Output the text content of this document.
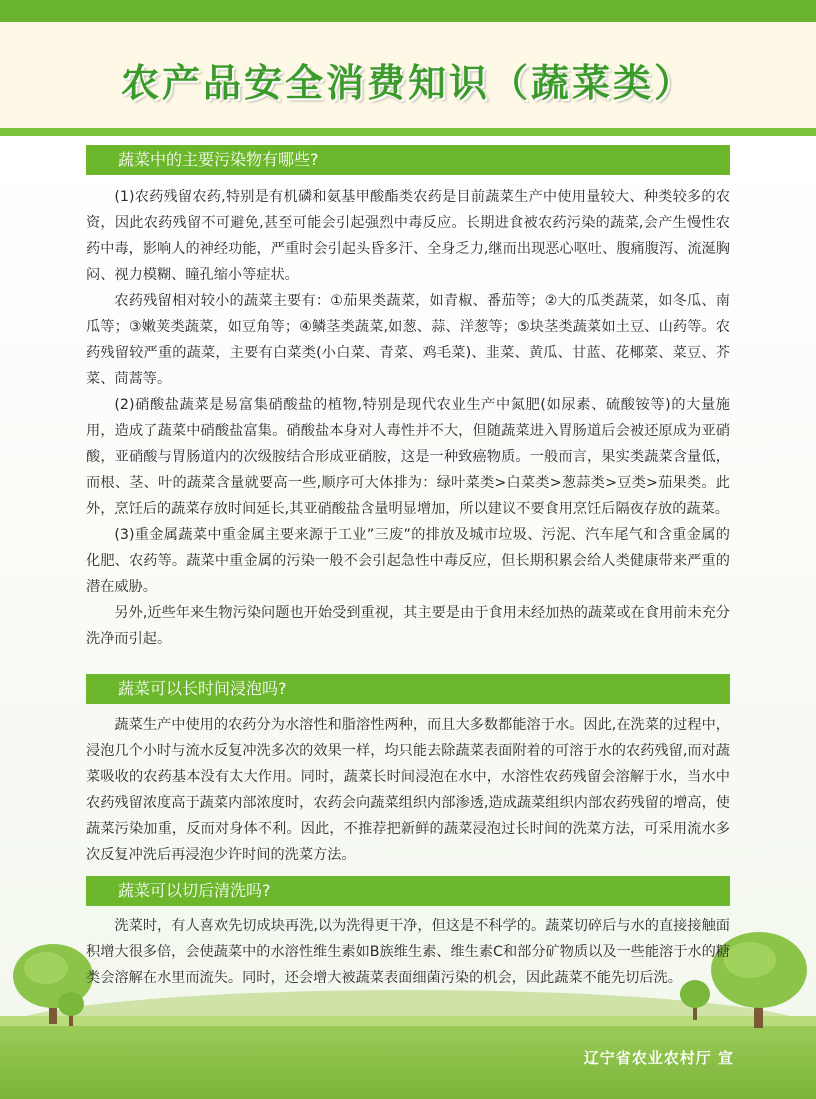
农产品安全消费知识（蔬菜类）
蔬菜中的主要污染物有哪些?

(1)农药残留农药,特别是有机磷和氨基甲酸酯类农药是目前蔬菜生产中使用量较大、种类较多的农资，因此农药残留不可避免,甚至可能会引起强烈中毒反应。长期进食被农药污染的蔬菜,会产生慢性农药中毒，影响人的神经功能，严重时会引起头昏多汗、全身乏力,继而出现恶心呕吐、腹痛腹泻、流涎胸闷、视力模糊、瞳孔缩小等症状。

农药残留相对较小的蔬菜主要有：①茄果类蔬菜，如青椒、番茄等；②大的瓜类蔬菜，如冬瓜、南瓜等；③嫩荚类蔬菜，如豆角等；④鳞茎类蔬菜,如葱、蒜、洋葱等；⑤块茎类蔬菜如土豆、山药等。农药残留较严重的蔬菜，主要有白菜类(小白菜、青菜、鸡毛菜)、韭菜、黄瓜、甘蓝、花椰菜、菜豆、芥菜、茼蒿等。

(2)硝酸盐蔬菜是易富集硝酸盐的植物,特别是现代农业生产中氮肥(如尿素、硫酸铵等)的大量施用，造成了蔬菜中硝酸盐富集。硝酸盐本身对人毒性并不大，但随蔬菜进入胃肠道后会被还原成为亚硝酸，亚硝酸与胃肠道内的次级胺结合形成亚硝胺，这是一种致癌物质。一般而言，果实类蔬菜含量低，而根、茎、叶的蔬菜含量就要高一些,顺序可大体排为：绿叶菜类>白菜类>葱蒜类>豆类>茄果类。此外，烹饪后的蔬菜存放时间延长,其亚硝酸盐含量明显增加，所以建议不要食用烹饪后隔夜存放的蔬菜。

(3)重金属蔬菜中重金属主要来源于工业”三废”的排放及城市垃圾、污泥、汽车尾气和含重金属的化肥、农药等。蔬菜中重金属的污染一般不会引起急性中毒反应，但长期积累会给人类健康带来严重的潜在威胁。

另外,近些年来生物污染问题也开始受到重视，其主要是由于食用未经加热的蔬菜或在食用前未充分洗净而引起。

蔬菜可以长时间浸泡吗?

蔬菜生产中使用的农药分为水溶性和脂溶性两种，而且大多数都能溶于水。因此,在洗菜的过程中，浸泡几个小时与流水反复冲洗多次的效果一样，均只能去除蔬菜表面附着的可溶于水的农药残留,而对蔬菜吸收的农药基本没有太大作用。同时，蔬菜长时间浸泡在水中，水溶性农药残留会溶解于水，当水中农药残留浓度高于蔬菜内部浓度时，农药会向蔬菜组织内部渗透,造成蔬菜组织内部农药残留的增高，使蔬菜污染加重，反而对身体不利。因此，不推荐把新鲜的蔬菜浸泡过长时间的洗菜方法，可采用流水多次反复冲洗后再浸泡少许时间的洗菜方法。

蔬菜可以切后清洗吗?

洗菜时，有人喜欢先切成块再洗,以为洗得更干净，但这是不科学的。蔬菜切碎后与水的直接接触面积增大很多倍，会使蔬菜中的水溶性维生素如B族维生素、维生素C和部分矿物质以及一些能溶于水的糖类会溶解在水里而流失。同时，还会增大被蔬菜表面细菌污染的机会，因此蔬菜不能先切后洗。

辽宁省农业农村厅 宣
